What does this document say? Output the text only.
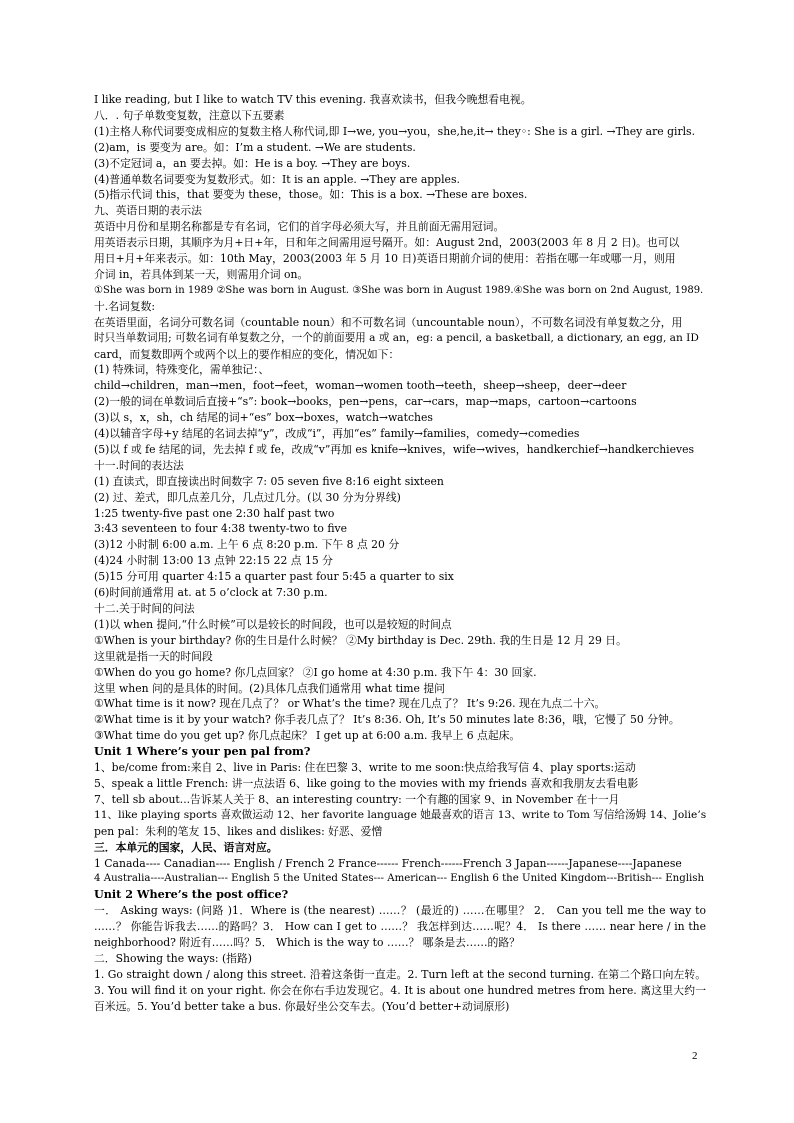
I like reading, but I like to watch TV this evening. 我喜欢读书，但我今晚想看电视。
八．. 句子单数变复数，注意以下五要素
(1)主格人称代词要变成相应的复数主格人称代词,即 I→we, you→you，she,he,it→ they◦: She is a girl. →They are girls.
(2)am，is 要变为 are。如：I’m a student. →We are students.
(3)不定冠词 a，an 要去掉。如：He is a boy. →They are boys.
(4)普通单数名词要变为复数形式。如：It is an apple. →They are apples.
(5)指示代词 this，that 要变为 these，those。如：This is a box. →These are boxes.
九、英语日期的表示法
英语中月份和星期名称都是专有名词，它们的首字母必须大写，并且前面无需用冠词。
用英语表示日期，其顺序为月+日+年，日和年之间需用逗号隔开。如：August 2nd，2003(2003 年 8 月 2 日)。也可以
用日+月+年来表示。如：10th May，2003(2003 年 5 月 10 日)英语日期前介词的使用：若指在哪一年或哪一月，则用
介词 in，若具体到某一天，则需用介词 on。
①She was born in 1989 ②She was born in August. ③She was born in August 1989.④She was born on 2nd August, 1989.
十.名词复数:
在英语里面，名词分可数名词（countable noun）和不可数名词（uncountable noun），不可数名词没有单复数之分，用
时只当单数词用; 可数名词有单复数之分，一个的前面要用 a 或 an，eg: a pencil, a basketball, a dictionary, an egg, an ID
card，而复数即两个或两个以上的要作相应的变化，情况如下：
(1) 特殊词，特殊变化，需单独记：、
child→children，man→men，foot→feet，woman→women tooth→teeth，sheep→sheep，deer→deer
(2)一般的词在单数词后直接+“s”: book→books，pen→pens，car→cars，map→maps，cartoon→cartoons
(3)以 s，x，sh，ch 结尾的词+“es” box→boxes，watch→watches
(4)以辅音字母+y 结尾的名词去掉“y”，改成“i”，再加“es” family→families，comedy→comedies
(5)以 f 或 fe 结尾的词，先去掉 f 或 fe，改成“v”再加 es knife→knives，wife→wives，handkerchief→handkerchieves
十一.时间的表达法
(1) 直读式，即直接读出时间数字 7: 05 seven five 8:16 eight sixteen
(2) 过、差式，即几点差几分，几点过几分。(以 30 分为分界线)
1:25 twenty-five past one 2:30 half past two
3:43 seventeen to four 4:38 twenty-two to five
(3)12 小时制 6:00 a.m. 上午 6 点 8:20 p.m. 下午 8 点 20 分
(4)24 小时制 13:00 13 点钟 22:15 22 点 15 分
(5)15 分可用 quarter 4:15 a quarter past four 5:45 a quarter to six
(6)时间前通常用 at. at 5 o’clock at 7:30 p.m.
十二.关于时间的问法
(1)以 when 提问,“什么时候”可以是较长的时间段，也可以是较短的时间点
①When is your birthday? 你的生日是什么时候？ ②My birthday is Dec. 29th. 我的生日是 12 月 29 日。
这里就是指一天的时间段
①When do you go home? 你几点回家？ ②I go home at 4:30 p.m. 我下午 4：30 回家.
这里 when 问的是具体的时间。(2)具体几点我们通常用 what time 提问
①What time is it now? 现在几点了？ or What’s the time? 现在几点了？ It’s 9:26. 现在九点二十六。
②What time is it by your watch? 你手表几点了？ It’s 8:36. Oh, It’s 50 minutes late 8:36，哦，它慢了 50 分钟。
③What time do you get up? 你几点起床？ I get up at 6:00 a.m. 我早上 6 点起床。
Unit 1 Where’s your pen pal from?
1、be/come from:来自 2、live in Paris: 住在巴黎 3、write to me soon:快点给我写信 4、play sports:运动
5、speak a little French: 讲一点法语 6、like going to the movies with my friends 喜欢和我朋友去看电影
7、tell sb about...告诉某人关于 8、an interesting country: 一个有趣的国家 9、in November 在十一月
11、like playing sports 喜欢做运动 12、her favorite language 她最喜欢的语言 13、write to Tom 写信给汤姆 14、Jolie’s
pen pal：朱利的笔友 15、likes and dislikes: 好恶、爱憎
三．本单元的国家，人民、语言对应。
1 Canada---- Canadian---- English / French 2 France------ French------French 3 Japan------Japanese----Japanese
4 Australia----Australian--- English 5 the United States--- American--- English 6 the United Kingdom---British--- English
Unit 2 Where’s the post office?
一． Asking ways: (问路 )1．Where is (the nearest) ……？ (最近的) ……在哪里？ 2． Can you tell me the way to ……？ 你能告诉我去……的路吗？3． How can I get to ……？ 我怎样到达……呢？4． Is there …… near here / in the neighborhood? 附近有……吗？5． Which is the way to ……？ 哪条是去……的路？
二．Showing the ways: (指路)
1. Go straight down / along this street. 沿着这条街一直走。2. Turn left at the second turning. 在第二个路口向左转。3. You will find it on your right. 你会在你右手边发现它。4. It is about one hundred metres from here. 离这里大约一百米远。5. You’d better take a bus. 你最好坐公交车去。(You’d better+动词原形)
2
